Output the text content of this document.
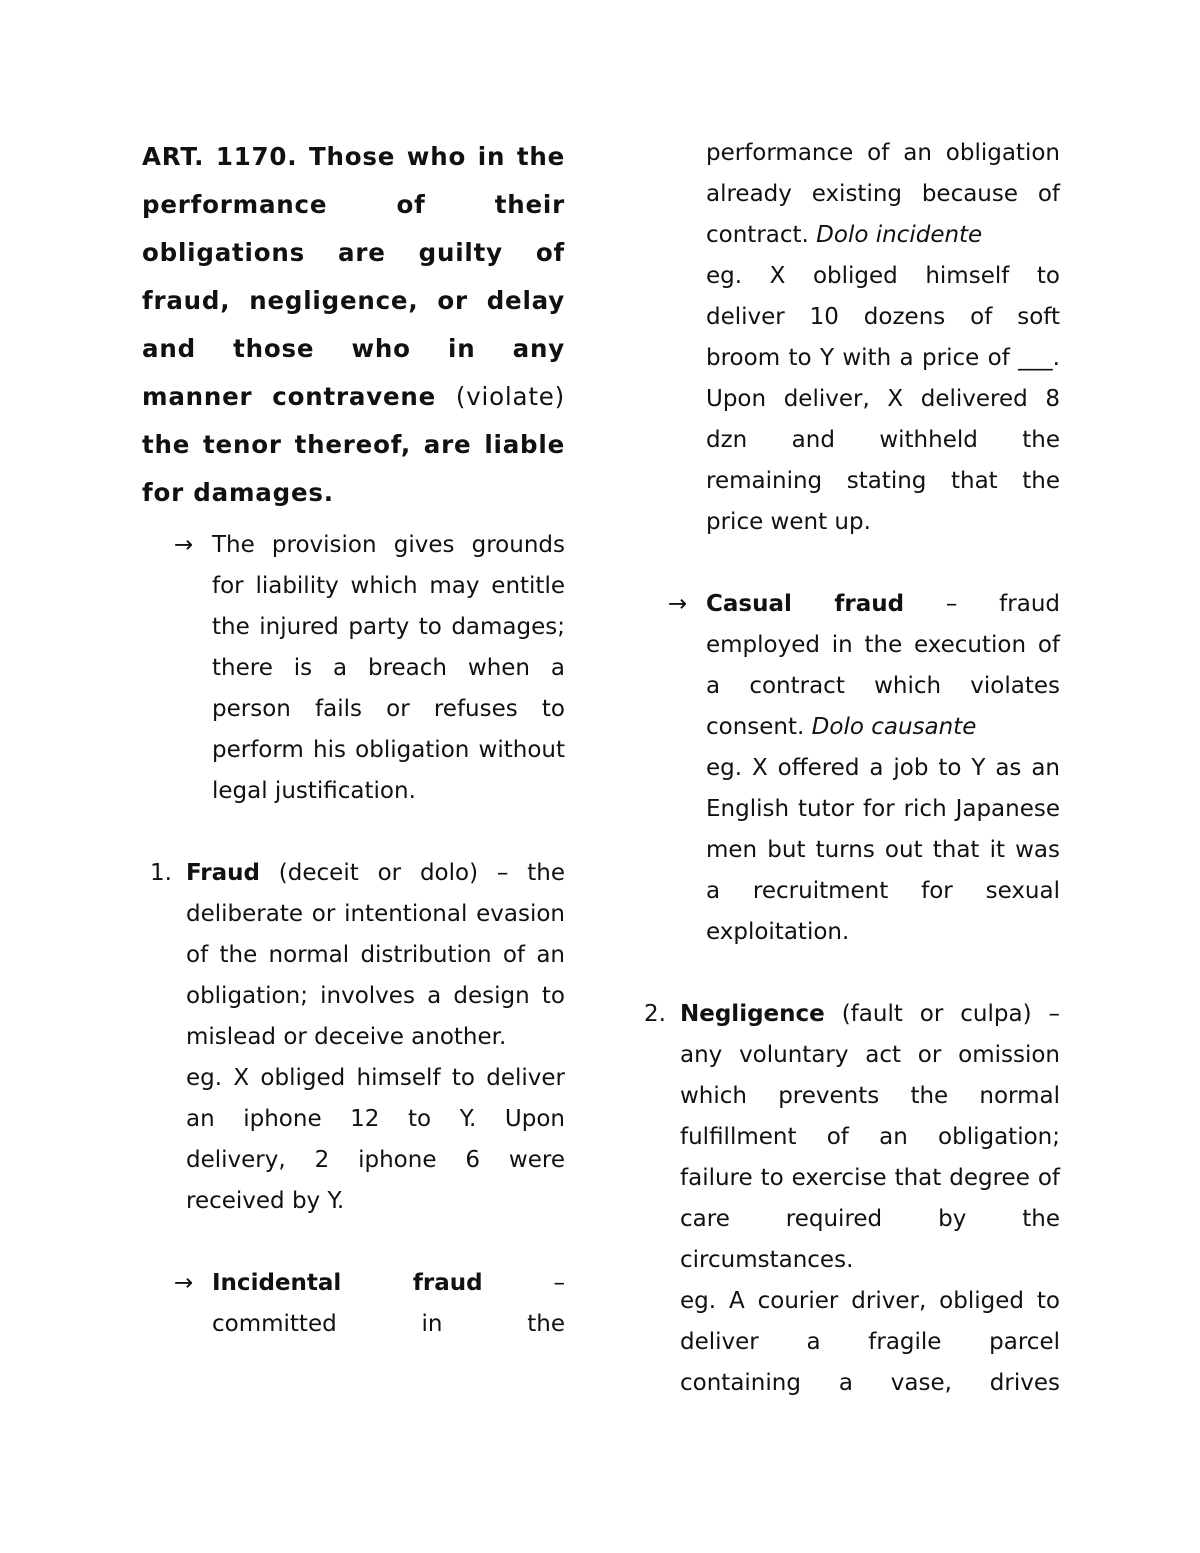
ART. 1170. Those who in the performance of their obligations are guilty of fraud, negligence, or delay and those who in any manner contravene (violate) the tenor thereof, are liable for damages.

→ The provision gives grounds for liability which may entitle the injured party to damages; there is a breach when a person fails or refuses to perform his obligation without legal justification.

1. Fraud (deceit or dolo) – the deliberate or intentional evasion of the normal distribution of an obligation; involves a design to mislead or deceive another.

eg. X obliged himself to deliver an iphone 12 to Y. Upon delivery, 2 iphone 6 were received by Y.

→ Incidental fraud – committed in the

performance of an obligation already existing because of contract. Dolo incidente

eg. X obliged himself to deliver 10 dozens of soft broom to Y with a price of ___. Upon deliver, X delivered 8 dzn and withheld the remaining stating that the price went up.

→ Casual fraud – fraud employed in the execution of a contract which violates consent. Dolo causante

eg. X offered a job to Y as an English tutor for rich Japanese men but turns out that it was a recruitment for sexual exploitation.

2. Negligence (fault or culpa) – any voluntary act or omission which prevents the normal fulfillment of an obligation; failure to exercise that degree of care required by the circumstances.

eg. A courier driver, obliged to deliver a fragile parcel containing a vase, drives
